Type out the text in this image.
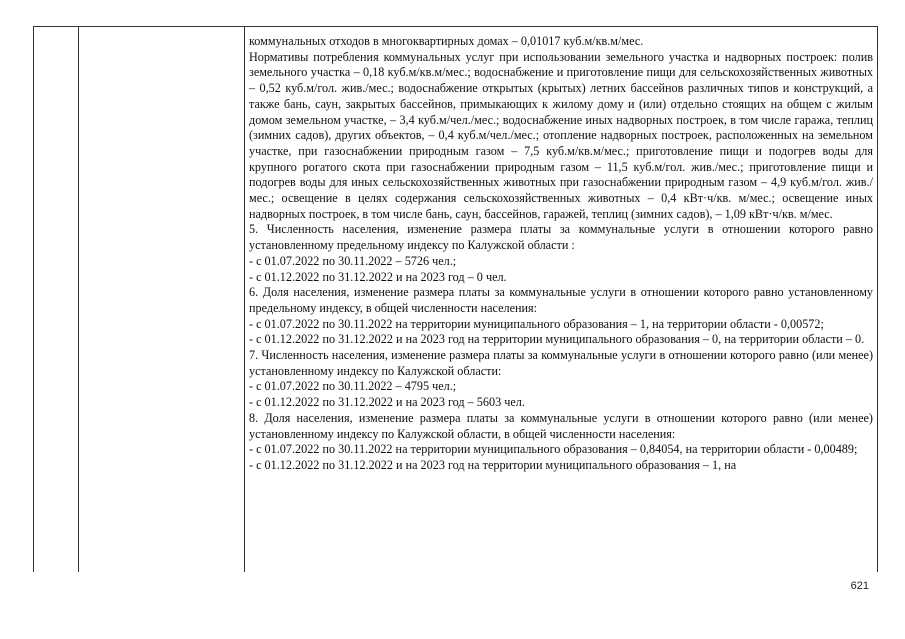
коммунальных отходов в многоквартирных домах – 0,01017 куб.м/кв.м/мес.

Нормативы потребления коммунальных услуг при использовании земельного участка и надворных построек: полив земельного участка – 0,18 куб.м/кв.м/мес.; водоснабжение и приготовление пищи для сельскохозяйственных животных – 0,52 куб.м/гол. жив./мес.; водоснабжение открытых (крытых) летних бассейнов различных типов и конструкций, а также бань, саун, закрытых бассейнов, примыкающих к жилому дому и (или) отдельно стоящих на общем с жилым домом земельном участке, – 3,4 куб.м/чел./мес.; водоснабжение иных надворных построек, в том числе гаража, теплиц (зимних садов), других объектов, – 0,4 куб.м/чел./мес.; отопление надворных построек, расположенных на земельном участке, при газоснабжении природным газом – 7,5 куб.м/кв.м/мес.; приготовление пищи и подогрев воды для крупного рогатого скота при газоснабжении природным газом – 11,5 куб.м/гол. жив./мес.; приготовление пищи и подогрев воды для иных сельскохозяйственных животных при газоснабжении природным газом – 4,9 куб.м/гол. жив./мес.; освещение в целях содержания сельскохозяйственных животных – 0,4 кВт·ч/кв. м/мес.; освещение иных надворных построек, в том числе бань, саун, бассейнов, гаражей, теплиц (зимних садов), – 1,09 кВт·ч/кв. м/мес.

5. Численность населения, изменение размера платы за коммунальные услуги в отношении которого равно установленному предельному индексу по Калужской области :

- с 01.07.2022 по 30.11.2022 – 5726 чел.;

- с 01.12.2022 по 31.12.2022 и на 2023 год – 0 чел.

6. Доля населения, изменение размера платы за коммунальные услуги в отношении которого равно установленному предельному индексу, в общей численности населения:

- с 01.07.2022 по 30.11.2022 на территории муниципального образования – 1, на территории области - 0,00572;

- с 01.12.2022 по 31.12.2022 и на 2023 год на территории муниципального образования – 0, на территории области – 0.

7. Численность населения, изменение размера платы за коммунальные услуги в отношении которого равно (или менее) установленному индексу по Калужской области:

- с 01.07.2022 по 30.11.2022 – 4795 чел.;

- с 01.12.2022 по 31.12.2022 и на 2023 год – 5603 чел.

8. Доля населения, изменение размера платы за коммунальные услуги в отношении которого равно (или менее) установленному индексу по Калужской области, в общей численности населения:

- с 01.07.2022 по 30.11.2022 на территории муниципального образования – 0,84054, на территории области - 0,00489;

- с 01.12.2022 по 31.12.2022 и на 2023 год на территории муниципального образования – 1, на

621
